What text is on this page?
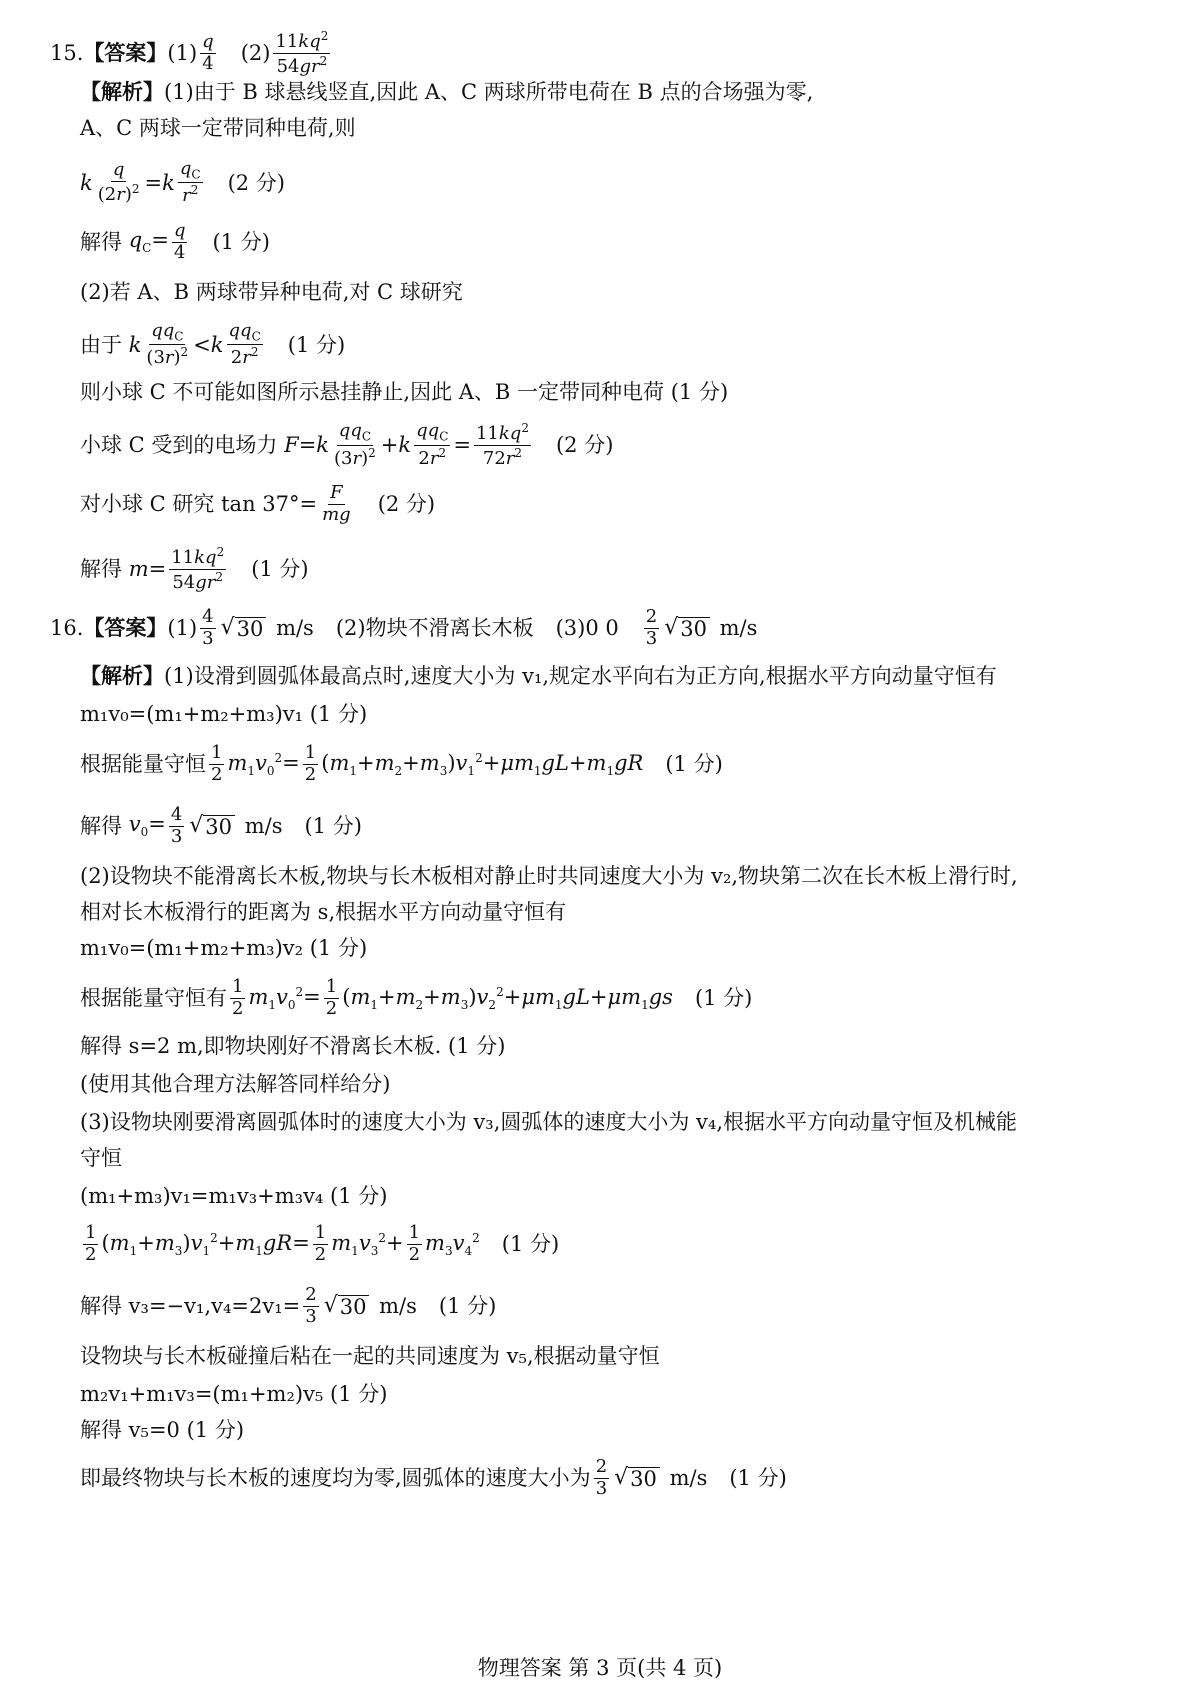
15. 【答案】 $(1) \frac{q}{4} (2) \frac{11kq^2}{54gr^2}$
【解析】 (1)由于 B 球悬线竖直,因此 A、C 两球所带电荷在 B 点的合场强为零,
A、C 两球一定带同种电荷,则
k $\frac{q}{(2r)^2} = k \frac{q_C}{r^2} (2$ 分)
解得 $q_C= \frac{q}{4} (1$ 分)
(2)若 A、B 两球带异种电荷,对 C 球研究
由于 k $\frac{qq_C}{(3r)^2} <k \frac{qq_C}{2r^2} (1$ 分)
则小球 C 不可能如图所示悬挂静止,因此 A、B 一定带同种电荷 (1 分)
小球 C 受到的电场力 $F=k \frac{qq_C}{(3r)^2} +k \frac{qq_C}{2r^2} = \frac{11kq^2}{72r^2} (2$ 分)
对小球 C 研究
$\tan 37^\circ= \frac{F}{mg} (2$ 分)
解得 $m= \frac{11kq^2}{54gr^2} (1$ 分)
16. 【答案】 $(1) \frac{4}{3}$ √ 30
m/s (2)物块不滑离长木板 (3)0 $0 \frac{2}{3}$ √ 30
m/s
【解析】 (1)设滑到圆弧体最高点时,速度大小为 v₁,规定水平向右为正方向,根据水平方向动量守恒有
m₁v₀=(m₁+m₂+m₃)v₁ (1 分)
根据能量守恒 $\frac{1}{2} m_1v_0^2= \frac{1}{2} (m_1+m_2+m_3)v_1^2+\mu m_1gL+m_1gR$ (1 分)
解得 $v_0= \frac{4}{3}$ √ 30
m/s (1 分)
(2)设物块不能滑离长木板,物块与长木板相对静止时共同速度大小为 v₂,物块第二次在长木板上滑行时,
相对长木板滑行的距离为 s,根据水平方向动量守恒有
m₁v₀=(m₁+m₂+m₃)v₂ (1 分)
根据能量守恒有 $\frac{1}{2} m_1v_0^2= \frac{1}{2} (m_1+m_2+m_3)v_2^2+\mu m_1gL+\mu m_1gs$ (1 分)
解得 s=2 m,即物块刚好不滑离长木板. (1 分)
(使用其他合理方法解答同样给分)
(3)设物块刚要滑离圆弧体时的速度大小为 v₃,圆弧体的速度大小为 v₄,根据水平方向动量守恒及机械能
守恒
(m₁+m₃)v₁=m₁v₃+m₃v₄ (1 分)
$\frac{1}{2} (m_1+m_3)v_1^2+m_1gR= \frac{1}{2} m_1v_3^2+ \frac{1}{2} m_3v_4^2$ (1 分)
解得 $v_3=-v_1,v_4=2v_1= \frac{2}{3}$ √ 30
m/s (1 分)
设物块与长木板碰撞后粘在一起的共同速度为 v₅,根据动量守恒
m₂v₁+m₁v₃=(m₁+m₂)v₅ (1 分)
解得 v₅=0 (1 分)
即最终物块与长木板的速度均为零,圆弧体的速度大小为 $\frac{2}{3}$ √ 30
m/s (1 分)
物理答案 第 3 页(共 4 页)
